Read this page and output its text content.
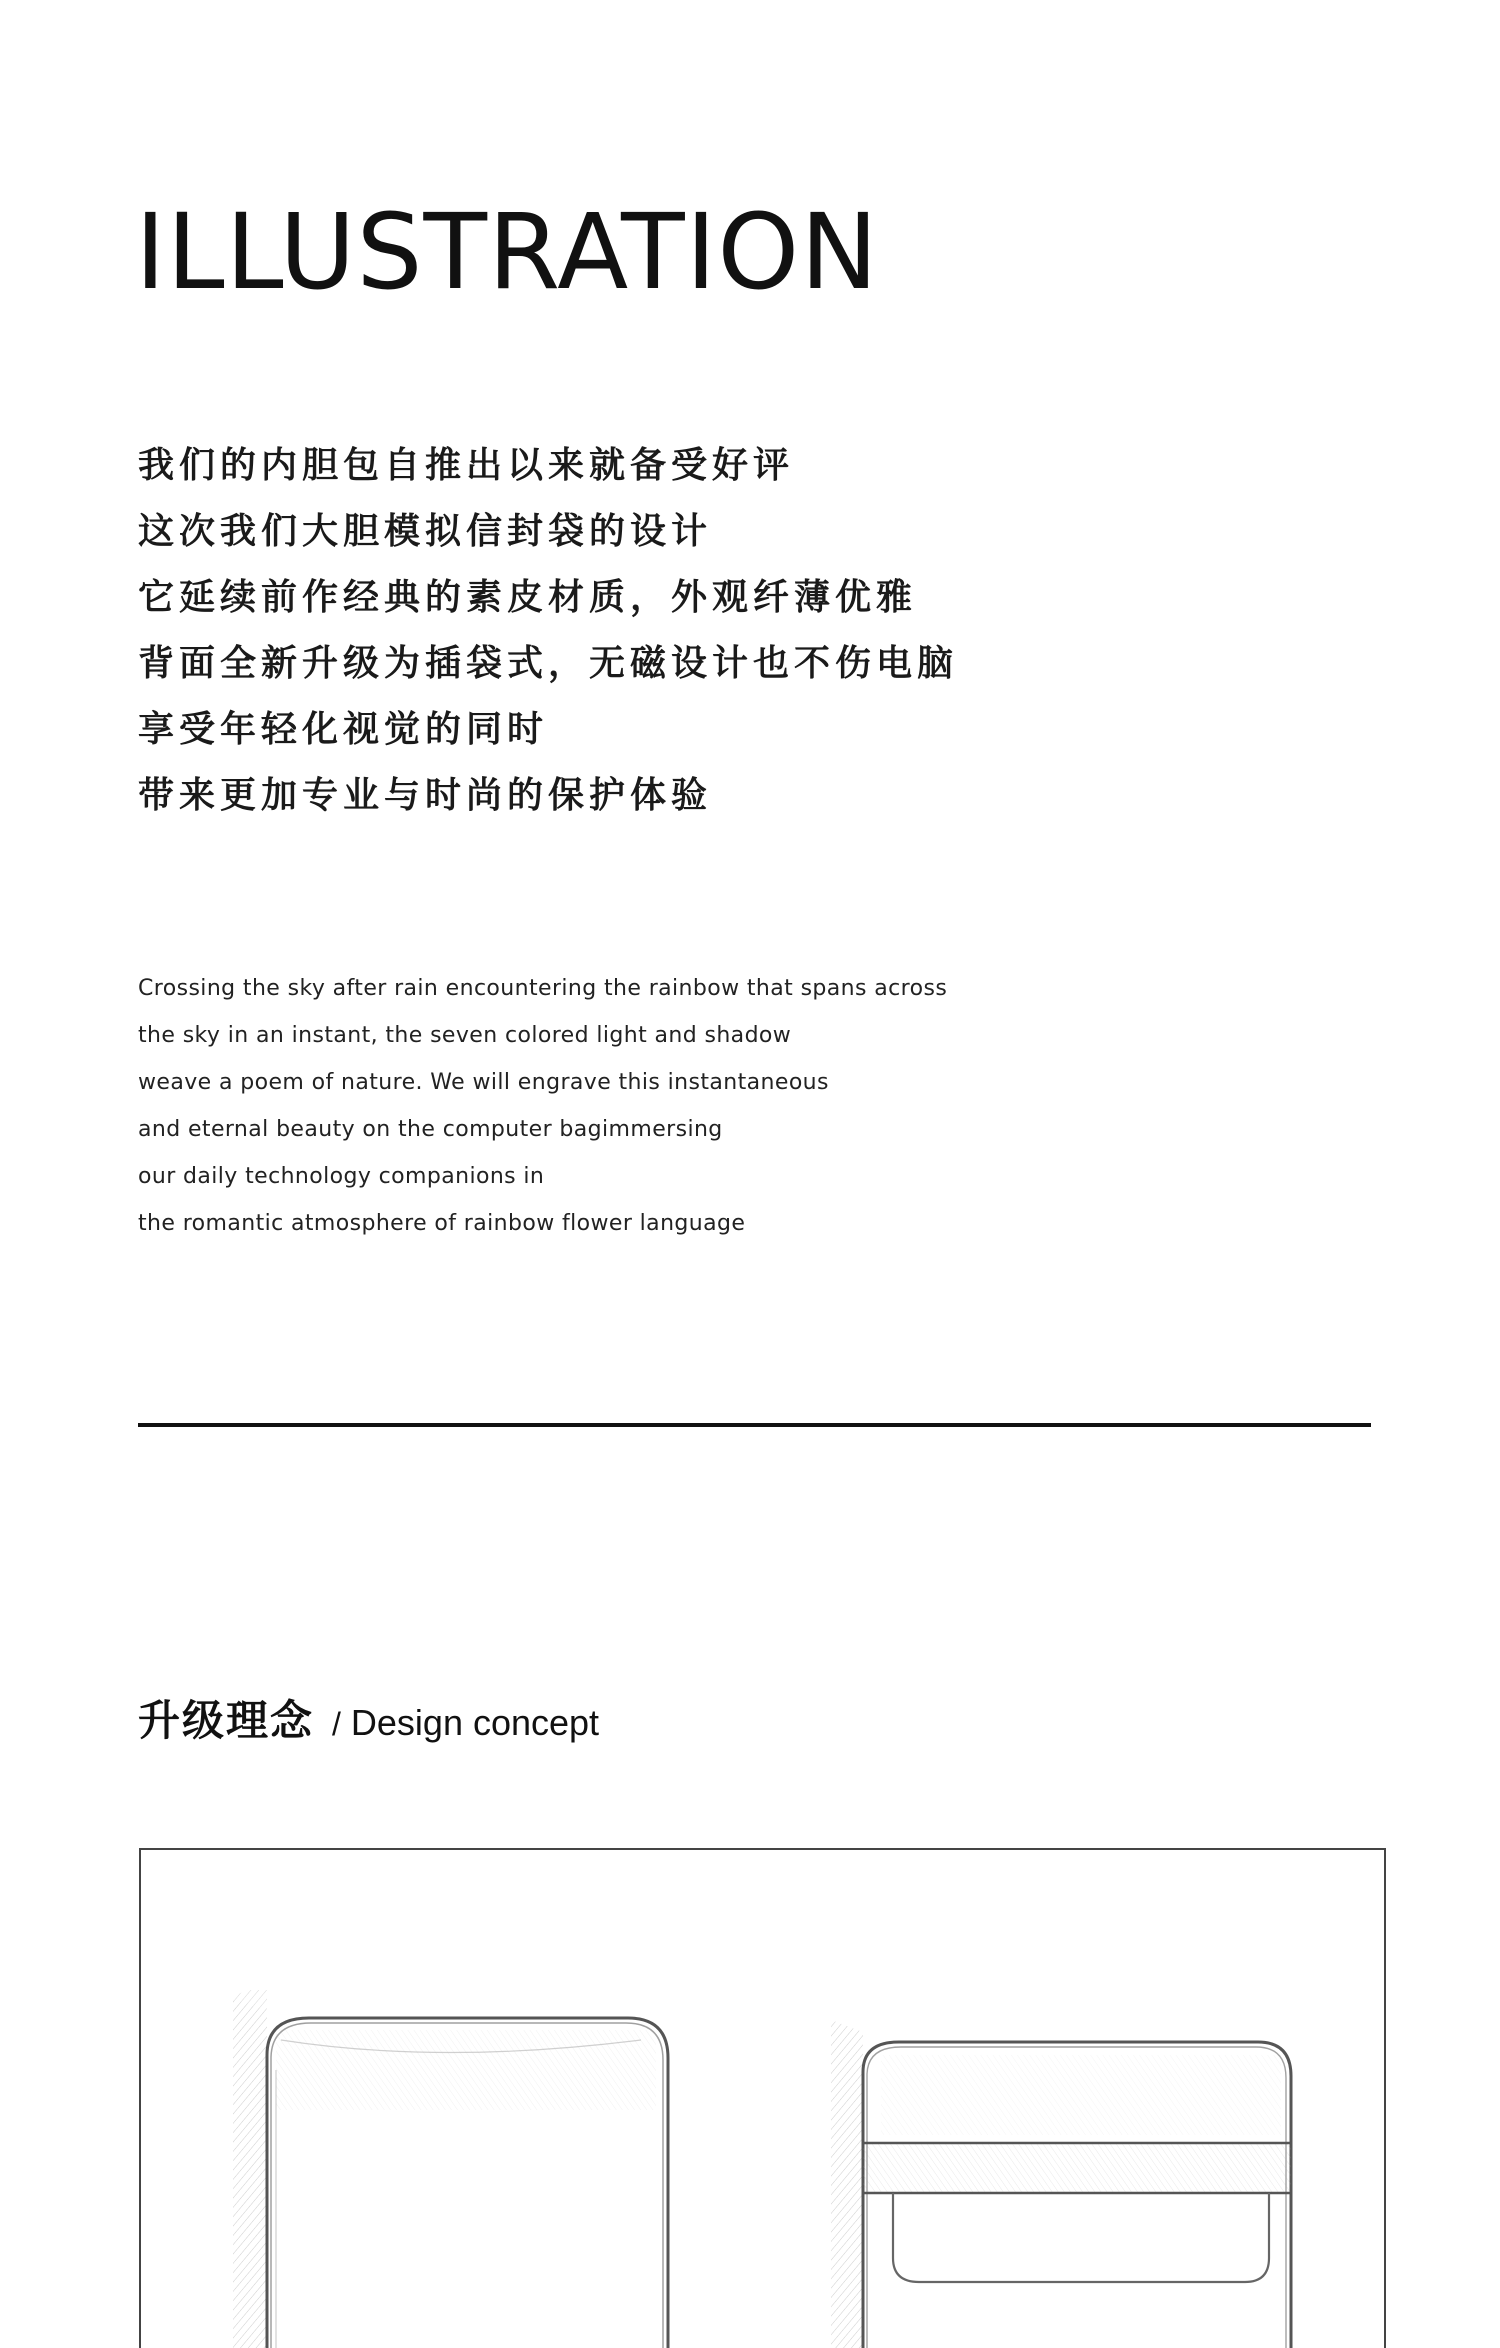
ILLUSTRATION
我们的内胆包自推出以来就备受好评
这次我们大胆模拟信封袋的设计
它延续前作经典的素皮材质，外观纤薄优雅
背面全新升级为插袋式，无磁设计也不伤电脑
享受年轻化视觉的同时
带来更加专业与时尚的保护体验
Crossing the sky after rain encountering the rainbow that spans across
the sky in an instant, the seven colored light and shadow
weave a poem of nature. We will engrave this instantaneous
and eternal beauty on the computer bagimmersing
our daily technology companions in
the romantic atmosphere of rainbow flower language
升级理念 / Design concept
